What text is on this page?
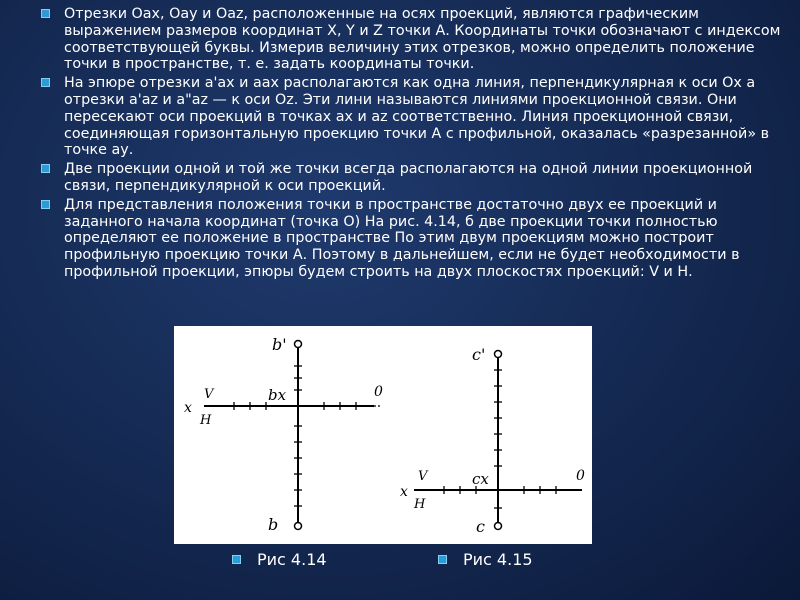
Отрезки Оах, Оау и Оаz, расположенные на осях проекций, являются графическим выражением размеров координат X, Y и Z точки А. Координаты точки обозначают с индексом соответствующей буквы. Измерив величину этих отрезков, можно определить положение точки в пространстве, т. е. задать координаты точки.
На эпюре отрезки а'ах и аах располагаются как одна линия, перпендикулярная к оси Ох а отрезки а'аz и а"аz — к оси Оz. Эти лини называются линиями проекционной связи. Они пересекают оси проекций в точках ах и аz соответственно. Линия проекционной связи, соединяющая горизонтальную проекцию точки А с профильной, оказалась «разрезанной» в точке ау.
Две проекции одной и той же точки всегда располагаются на одной линии проекционной связи, перпендикулярной к оси проекций.
Для представления положения точки в пространстве достаточно двух ее проекций и заданного начала координат (точка О) На рис. 4.14, б две проекции точки полностью определяют ее положение в пространстве По этим двум проекциям можно построит профильную проекцию точки А. Поэтому в дальнейшем, если не будет необходимости в профильной проекции, эпюры будем строить на двух плоскостях проекций: V и Н.
x
V
H
b'
bx
b
0
x
V
H
c'
cx
c
0
Рис 4.14	Рис 4.15
